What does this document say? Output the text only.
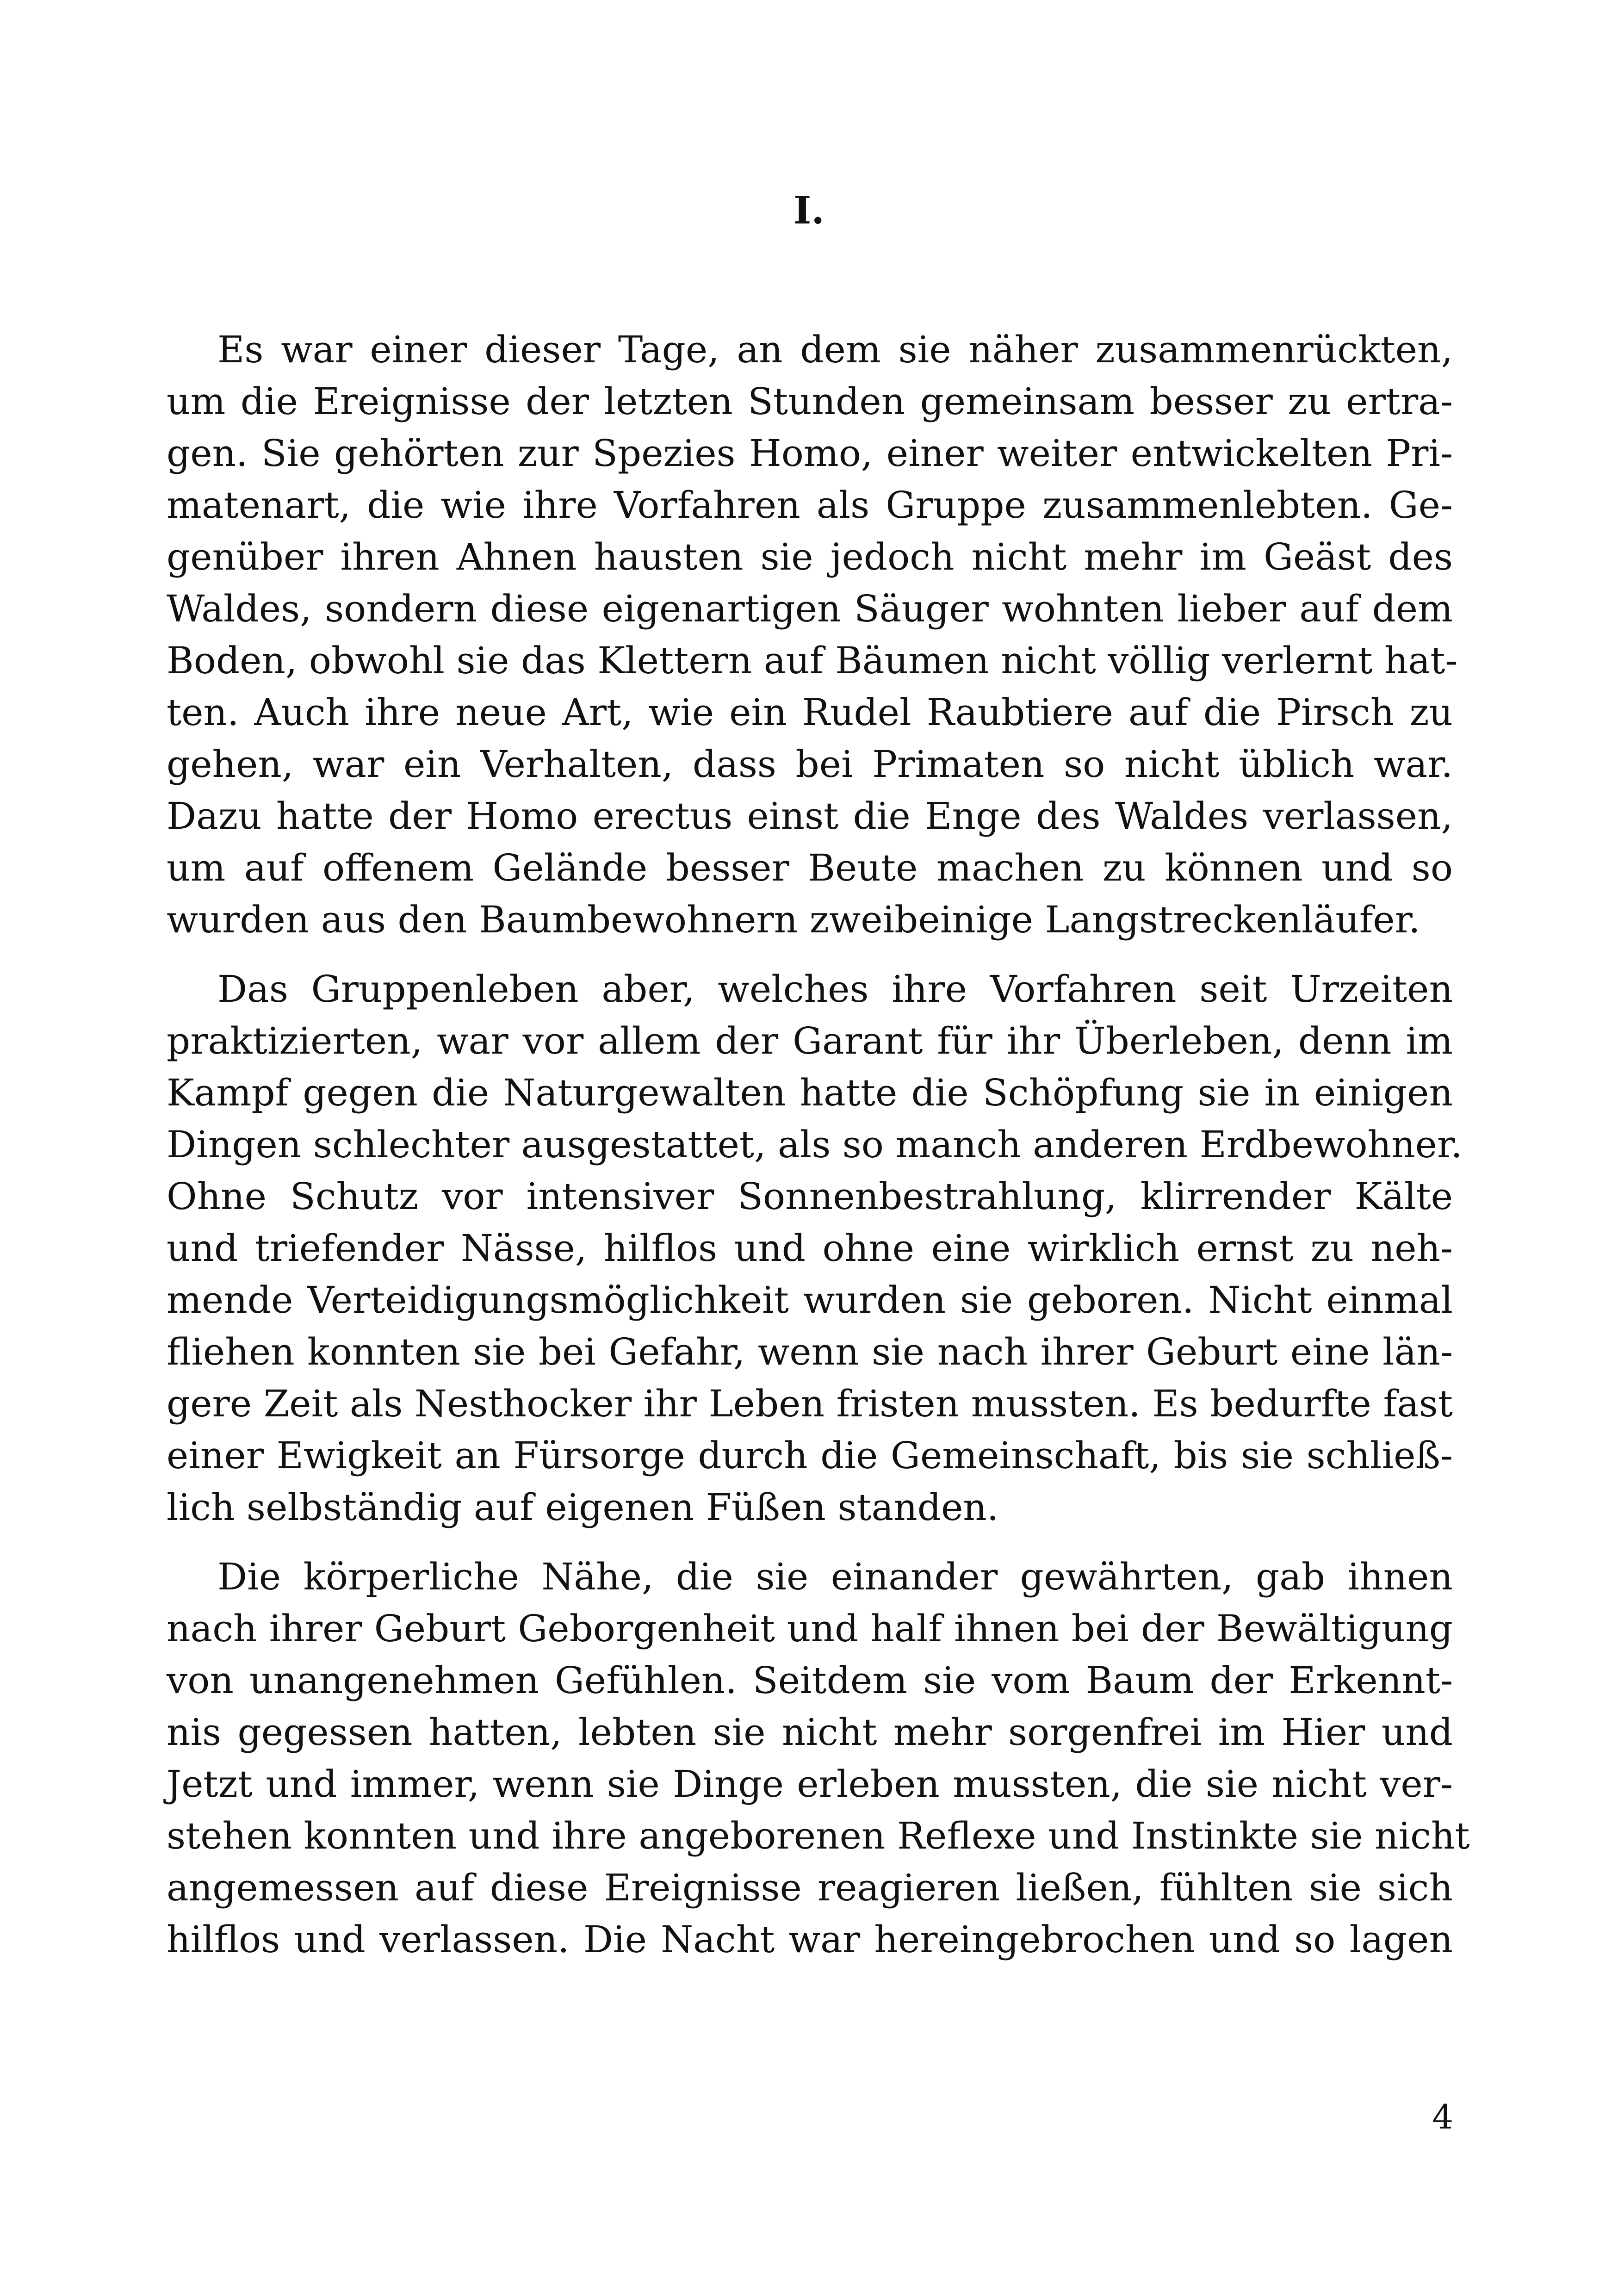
I.
Es war einer dieser Tage, an dem sie näher zusammenrückten,
um die Ereignisse der letzten Stunden gemeinsam besser zu ertra-
gen. Sie gehörten zur Spezies Homo, einer weiter entwickelten Pri-
matenart, die wie ihre Vorfahren als Gruppe zusammenlebten. Ge-
genüber ihren Ahnen hausten sie jedoch nicht mehr im Geäst des
Waldes, sondern diese eigenartigen Säuger wohnten lieber auf dem
Boden, obwohl sie das Klettern auf Bäumen nicht völlig verlernt hat-
ten. Auch ihre neue Art, wie ein Rudel Raubtiere auf die Pirsch zu
gehen, war ein Verhalten, dass bei Primaten so nicht üblich war.
Dazu hatte der Homo erectus einst die Enge des Waldes verlassen,
um auf offenem Gelände besser Beute machen zu können und so
wurden aus den Baumbewohnern zweibeinige Langstreckenläufer.
Das Gruppenleben aber, welches ihre Vorfahren seit Urzeiten
praktizierten, war vor allem der Garant für ihr Überleben, denn im
Kampf gegen die Naturgewalten hatte die Schöpfung sie in einigen
Dingen schlechter ausgestattet, als so manch anderen Erdbewohner.
Ohne Schutz vor intensiver Sonnenbestrahlung, klirrender Kälte
und triefender Nässe, hilflos und ohne eine wirklich ernst zu neh-
mende Verteidigungsmöglichkeit wurden sie geboren. Nicht einmal
fliehen konnten sie bei Gefahr, wenn sie nach ihrer Geburt eine län-
gere Zeit als Nesthocker ihr Leben fristen mussten. Es bedurfte fast
einer Ewigkeit an Fürsorge durch die Gemeinschaft, bis sie schließ-
lich selbständig auf eigenen Füßen standen.
Die körperliche Nähe, die sie einander gewährten, gab ihnen
nach ihrer Geburt Geborgenheit und half ihnen bei der Bewältigung
von unangenehmen Gefühlen. Seitdem sie vom Baum der Erkennt-
nis gegessen hatten, lebten sie nicht mehr sorgenfrei im Hier und
Jetzt und immer, wenn sie Dinge erleben mussten, die sie nicht ver-
stehen konnten und ihre angeborenen Reflexe und Instinkte sie nicht
angemessen auf diese Ereignisse reagieren ließen, fühlten sie sich
hilflos und verlassen. Die Nacht war hereingebrochen und so lagen
4
